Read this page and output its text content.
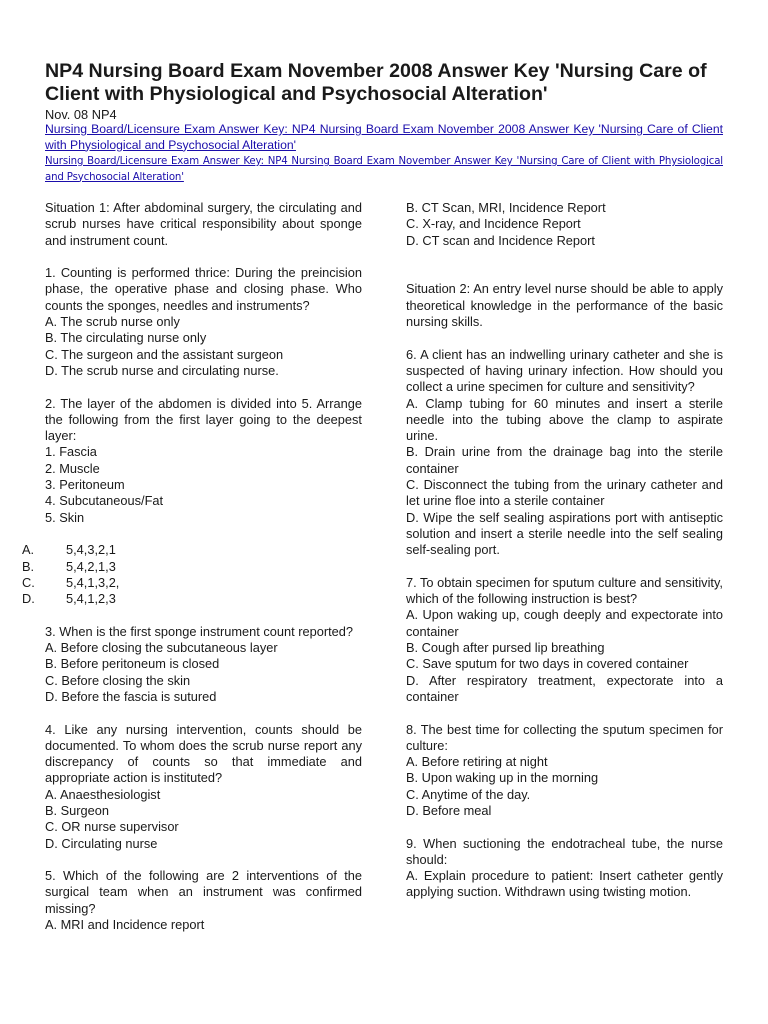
NP4 Nursing Board Exam November 2008 Answer Key 'Nursing Care of Client with Physiological and Psychosocial Alteration'
Nov. 08 NP4
Nursing Board/Licensure Exam Answer Key: NP4 Nursing Board Exam November 2008 Answer Key 'Nursing Care of Client with Physiological and Psychosocial Alteration'
Nursing Board/Licensure Exam Answer Key: NP4 Nursing Board Exam November Answer Key 'Nursing Care of Client with Physiological and Psychosocial Alteration'

Situation 1: After abdominal surgery, the circulating and scrub nurses have critical responsibility about sponge and instrument count.

1. Counting is performed thrice: During the preincision phase, the operative phase and closing phase. Who counts the sponges, needles and instruments?
A. The scrub nurse only
B. The circulating nurse only
C. The surgeon and the assistant surgeon
D. The scrub nurse and circulating nurse.
2. The layer of the abdomen is divided into 5. Arrange the following from the first layer going to the deepest layer:
1. Fascia
2. Muscle
3. Peritoneum
4. Subcutaneous/Fat
5. Skin
A. 5,4,3,2,1
B. 5,4,2,1,3
C. 5,4,1,3,2,
D. 5,4,1,2,3
3. When is the first sponge instrument count reported?
A. Before closing the subcutaneous layer
B. Before peritoneum is closed
C. Before closing the skin
D. Before the fascia is sutured
4. Like any nursing intervention, counts should be documented. To whom does the scrub nurse report any discrepancy of counts so that immediate and appropriate action is instituted?
A. Anaesthesiologist
B. Surgeon
C. OR nurse supervisor
D. Circulating nurse
5. Which of the following are 2 interventions of the surgical team when an instrument was confirmed missing?
A. MRI and Incidence report
B. CT Scan, MRI, Incidence Report
C. X-ray, and Incidence Report
D. CT scan and Incidence Report

Situation 2: An entry level nurse should be able to apply theoretical knowledge in the performance of the basic nursing skills.

6. A client has an indwelling urinary catheter and she is suspected of having urinary infection. How should you collect a urine specimen for culture and sensitivity?
A. Clamp tubing for 60 minutes and insert a sterile needle into the tubing above the clamp to aspirate urine.
B. Drain urine from the drainage bag into the sterile container
C. Disconnect the tubing from the urinary catheter and let urine floe into a sterile container
D. Wipe the self sealing aspirations port with antiseptic solution and insert a sterile needle into the self sealing self-sealing port.
7. To obtain specimen for sputum culture and sensitivity, which of the following instruction is best?
A. Upon waking up, cough deeply and expectorate into container
B. Cough after pursed lip breathing
C. Save sputum for two days in covered container
D. After respiratory treatment, expectorate into a container
8. The best time for collecting the sputum specimen for culture:
A. Before retiring at night
B. Upon waking up in the morning
C. Anytime of the day.
D. Before meal
9. When suctioning the endotracheal tube, the nurse should:
A. Explain procedure to patient: Insert catheter gently applying suction. Withdrawn using twisting motion.
